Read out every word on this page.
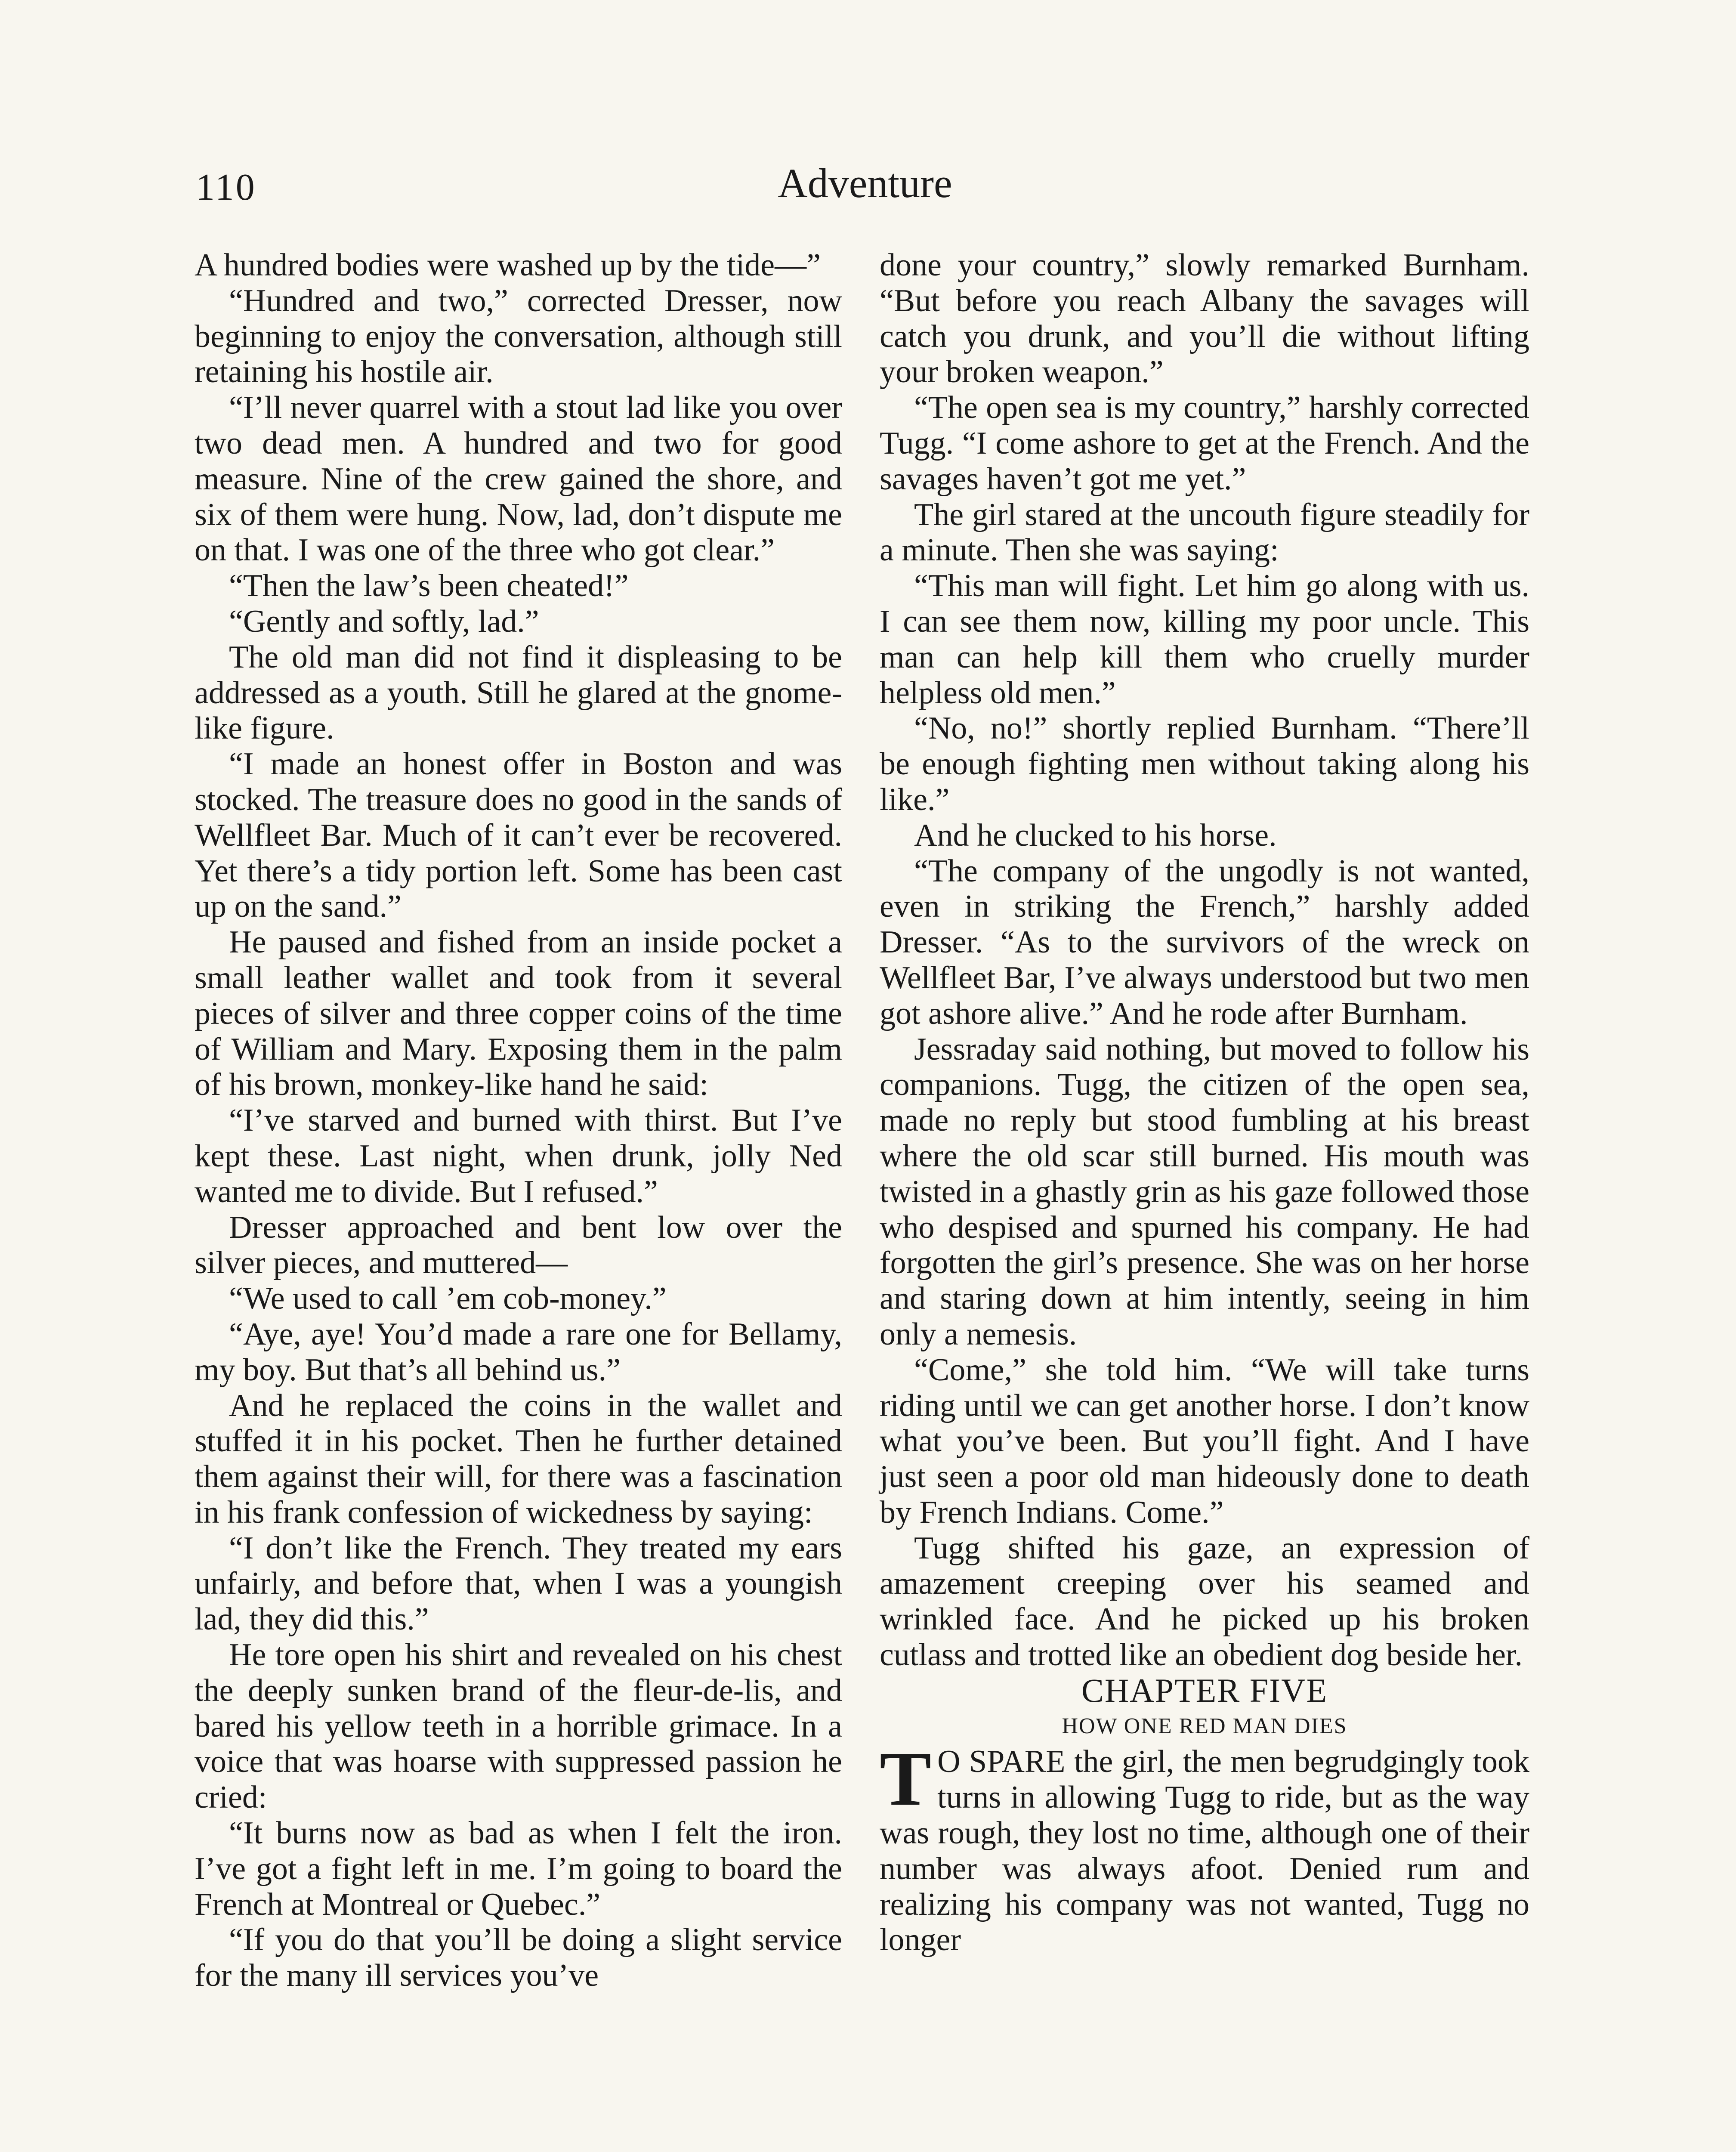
110	Adventure

A hundred bodies were washed up by the tide—”

“Hundred and two,” corrected Dresser, now beginning to enjoy the conversation, although still retaining his hostile air.

“I’ll never quarrel with a stout lad like you over two dead men. A hundred and two for good measure. Nine of the crew gained the shore, and six of them were hung. Now, lad, don’t dispute me on that. I was one of the three who got clear.”

“Then the law’s been cheated!”

“Gently and softly, lad.”

The old man did not find it displeasing to be addressed as a youth. Still he glared at the gnome-like figure.

“I made an honest offer in Boston and was stocked. The treasure does no good in the sands of Wellfleet Bar. Much of it can’t ever be recovered. Yet there’s a tidy portion left. Some has been cast up on the sand.”

He paused and fished from an inside pocket a small leather wallet and took from it several pieces of silver and three copper coins of the time of William and Mary. Exposing them in the palm of his brown, monkey-like hand he said:

“I’ve starved and burned with thirst. But I’ve kept these. Last night, when drunk, jolly Ned wanted me to divide. But I refused.”

Dresser approached and bent low over the silver pieces, and muttered—

“We used to call ’em cob-money.”

“Aye, aye! You’d made a rare one for Bellamy, my boy. But that’s all behind us.”

And he replaced the coins in the wallet and stuffed it in his pocket. Then he further detained them against their will, for there was a fascination in his frank confession of wickedness by saying:

“I don’t like the French. They treated my ears unfairly, and before that, when I was a youngish lad, they did this.”

He tore open his shirt and revealed on his chest the deeply sunken brand of the fleur-de-lis, and bared his yellow teeth in a horrible grimace. In a voice that was hoarse with suppressed passion he cried:

“It burns now as bad as when I felt the iron. I’ve got a fight left in me. I’m going to board the French at Montreal or Quebec.”

“If you do that you’ll be doing a slight service for the many ill services you’ve

done your country,” slowly remarked Burnham. “But before you reach Albany the savages will catch you drunk, and you’ll die without lifting your broken weapon.”

“The open sea is my country,” harshly corrected Tugg. “I come ashore to get at the French. And the savages haven’t got me yet.”

The girl stared at the uncouth figure steadily for a minute. Then she was saying:

“This man will fight. Let him go along with us. I can see them now, killing my poor uncle. This man can help kill them who cruelly murder helpless old men.”

“No, no!” shortly replied Burnham. “There’ll be enough fighting men without taking along his like.”

And he clucked to his horse.

“The company of the ungodly is not wanted, even in striking the French,” harshly added Dresser. “As to the survivors of the wreck on Wellfleet Bar, I’ve always understood but two men got ashore alive.” And he rode after Burnham.

Jessraday said nothing, but moved to follow his companions. Tugg, the citizen of the open sea, made no reply but stood fumbling at his breast where the old scar still burned. His mouth was twisted in a ghastly grin as his gaze followed those who despised and spurned his company. He had forgotten the girl’s presence. She was on her horse and staring down at him intently, seeing in him only a nemesis.

“Come,” she told him. “We will take turns riding until we can get another horse. I don’t know what you’ve been. But you’ll fight. And I have just seen a poor old man hideously done to death by French Indians. Come.”

Tugg shifted his gaze, an expression of amazement creeping over his seamed and wrinkled face. And he picked up his broken cutlass and trotted like an obedient dog beside her.

CHAPTER FIVE

HOW ONE RED MAN DIES

T O SPARE the girl, the men begrudgingly took turns in allowing Tugg to ride, but as the way was rough, they lost no time, although one of their number was always afoot. Denied rum and realizing his company was not wanted, Tugg no longer
